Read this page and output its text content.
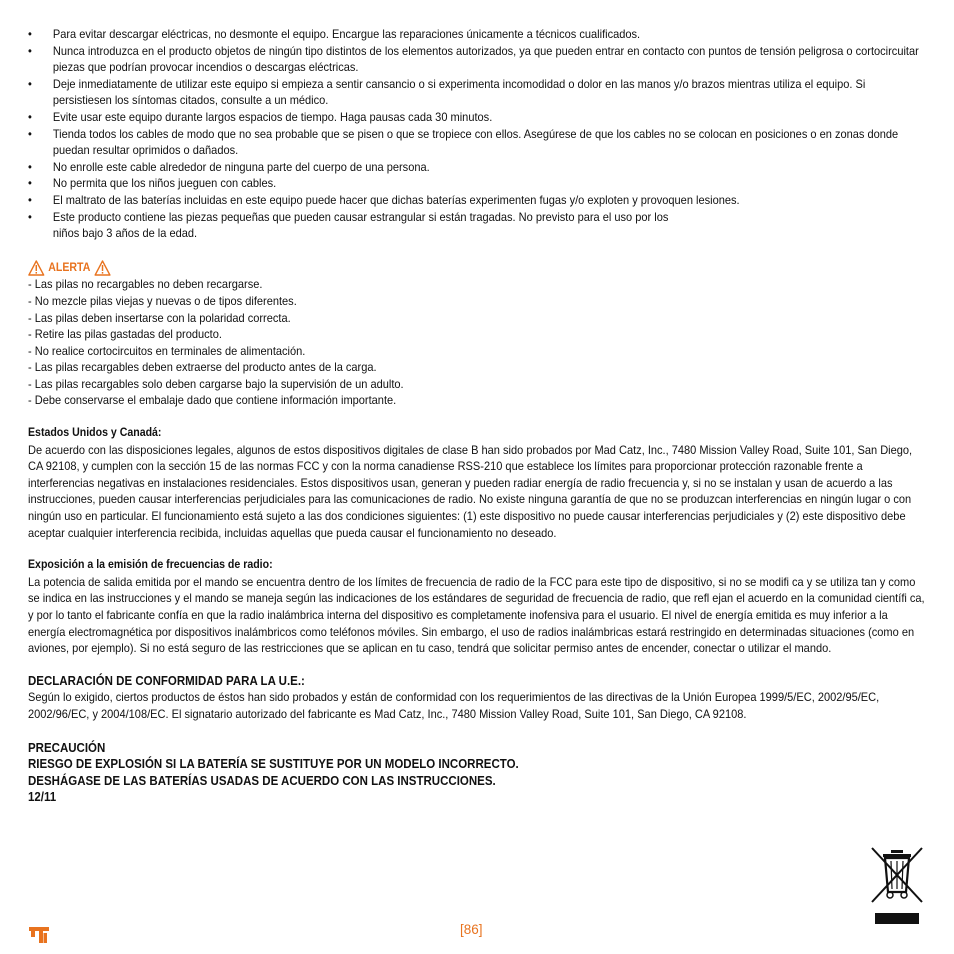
• Para evitar descargar eléctricas, no desmonte el equipo. Encargue las reparaciones únicamente a técnicos cualificados.
• Nunca introduzca en el producto objetos de ningún tipo distintos de los elementos autorizados, ya que pueden entrar en contacto con puntos de tensión peligrosa o cortocircuitar piezas que podrían provocar incendios o descargas eléctricas.
• Deje inmediatamente de utilizar este equipo si empieza a sentir cansancio o si experimenta incomodidad o dolor en las manos y/o brazos mientras utiliza el equipo. Si persistiesen los síntomas citados, consulte a un médico.
• Evite usar este equipo durante largos espacios de tiempo. Haga pausas cada 30 minutos.
• Tienda todos los cables de modo que no sea probable que se pisen o que se tropiece con ellos. Asegúrese de que los cables no se colocan en posiciones o en zonas donde puedan resultar oprimidos o dañados.
• No enrolle este cable alrededor de ninguna parte del cuerpo de una persona.
• No permita que los niños jueguen con cables.
• El maltrato de las baterías incluidas en este equipo puede hacer que dichas baterías experimenten fugas y/o exploten y provoquen lesiones.
• Este producto contiene las piezas pequeñas que pueden causar estrangular si están tragadas. No previsto para el uso por los
niños bajo 3 años de la edad.
ALERTA
- Las pilas no recargables no deben recargarse.
- No mezcle pilas viejas y nuevas o de tipos diferentes.
- Las pilas deben insertarse con la polaridad correcta.
- Retire las pilas gastadas del producto.
- No realice cortocircuitos en terminales de alimentación.
- Las pilas recargables deben extraerse del producto antes de la carga.
- Las pilas recargables solo deben cargarse bajo la supervisión de un adulto.
- Debe conservarse el embalaje dado que contiene información importante.
Estados Unidos y Canadá:
De acuerdo con las disposiciones legales, algunos de estos dispositivos digitales de clase B han sido probados por Mad Catz, Inc., 7480 Mission Valley Road, Suite 101, San Diego, CA 92108, y cumplen con la sección 15 de las normas FCC y con la norma canadiense RSS-210 que establece los límites para proporcionar protección razonable frente a interferencias negativas en instalaciones residenciales. Estos dispositivos usan, generan y pueden radiar energía de radio frecuencia y, si no se instalan y usan de acuerdo a las instrucciones, pueden causar interferencias perjudiciales para las comunicaciones de radio. No existe ninguna garantía de que no se produzcan interferencias en ningún lugar o con ningún uso en particular. El funcionamiento está sujeto a las dos condiciones siguientes: (1) este dispositivo no puede causar interferencias perjudiciales y (2) este dispositivo debe aceptar cualquier interferencia recibida, incluidas aquellas que pueda causar el funcionamiento no deseado.
Exposición a la emisión de frecuencias de radio:
La potencia de salida emitida por el mando se encuentra dentro de los límites de frecuencia de radio de la FCC para este tipo de dispositivo, si no se modifi ca y se utiliza tan y como se indica en las instrucciones y el mando se maneja según las indicaciones de los estándares de seguridad de frecuencia de radio, que refl ejan el acuerdo en la comunidad científi ca, y por lo tanto el fabricante confía en que la radio inalámbrica interna del dispositivo es completamente inofensiva para el usuario. El nivel de energía emitida es muy inferior a la energía electromagnética por dispositivos inalámbricos como teléfonos móviles. Sin embargo, el uso de radios inalámbricas estará restringido en determinadas situaciones (como en aviones, por ejemplo). Si no está seguro de las restricciones que se aplican en tu caso, tendrá que solicitar permiso antes de encender, conectar o utilizar el mando.
DECLARACIÓN DE CONFORMIDAD PARA LA U.E.:
Según lo exigido, ciertos productos de éstos han sido probados y están de conformidad con los requerimientos de las directivas de la Unión Europea 1999/5/EC, 2002/95/EC, 2002/96/EC, y 2004/108/EC. El signatario autorizado del fabricante es Mad Catz, Inc., 7480 Mission Valley Road, Suite 101, San Diego, CA 92108.
PRECAUCIÓN
RIESGO DE EXPLOSIÓN SI LA BATERÍA SE SUSTITUYE POR UN MODELO INCORRECTO.
DESHÁGASE DE LAS BATERÍAS USADAS DE ACUERDO CON LAS INSTRUCCIONES.
12/11
[86]
